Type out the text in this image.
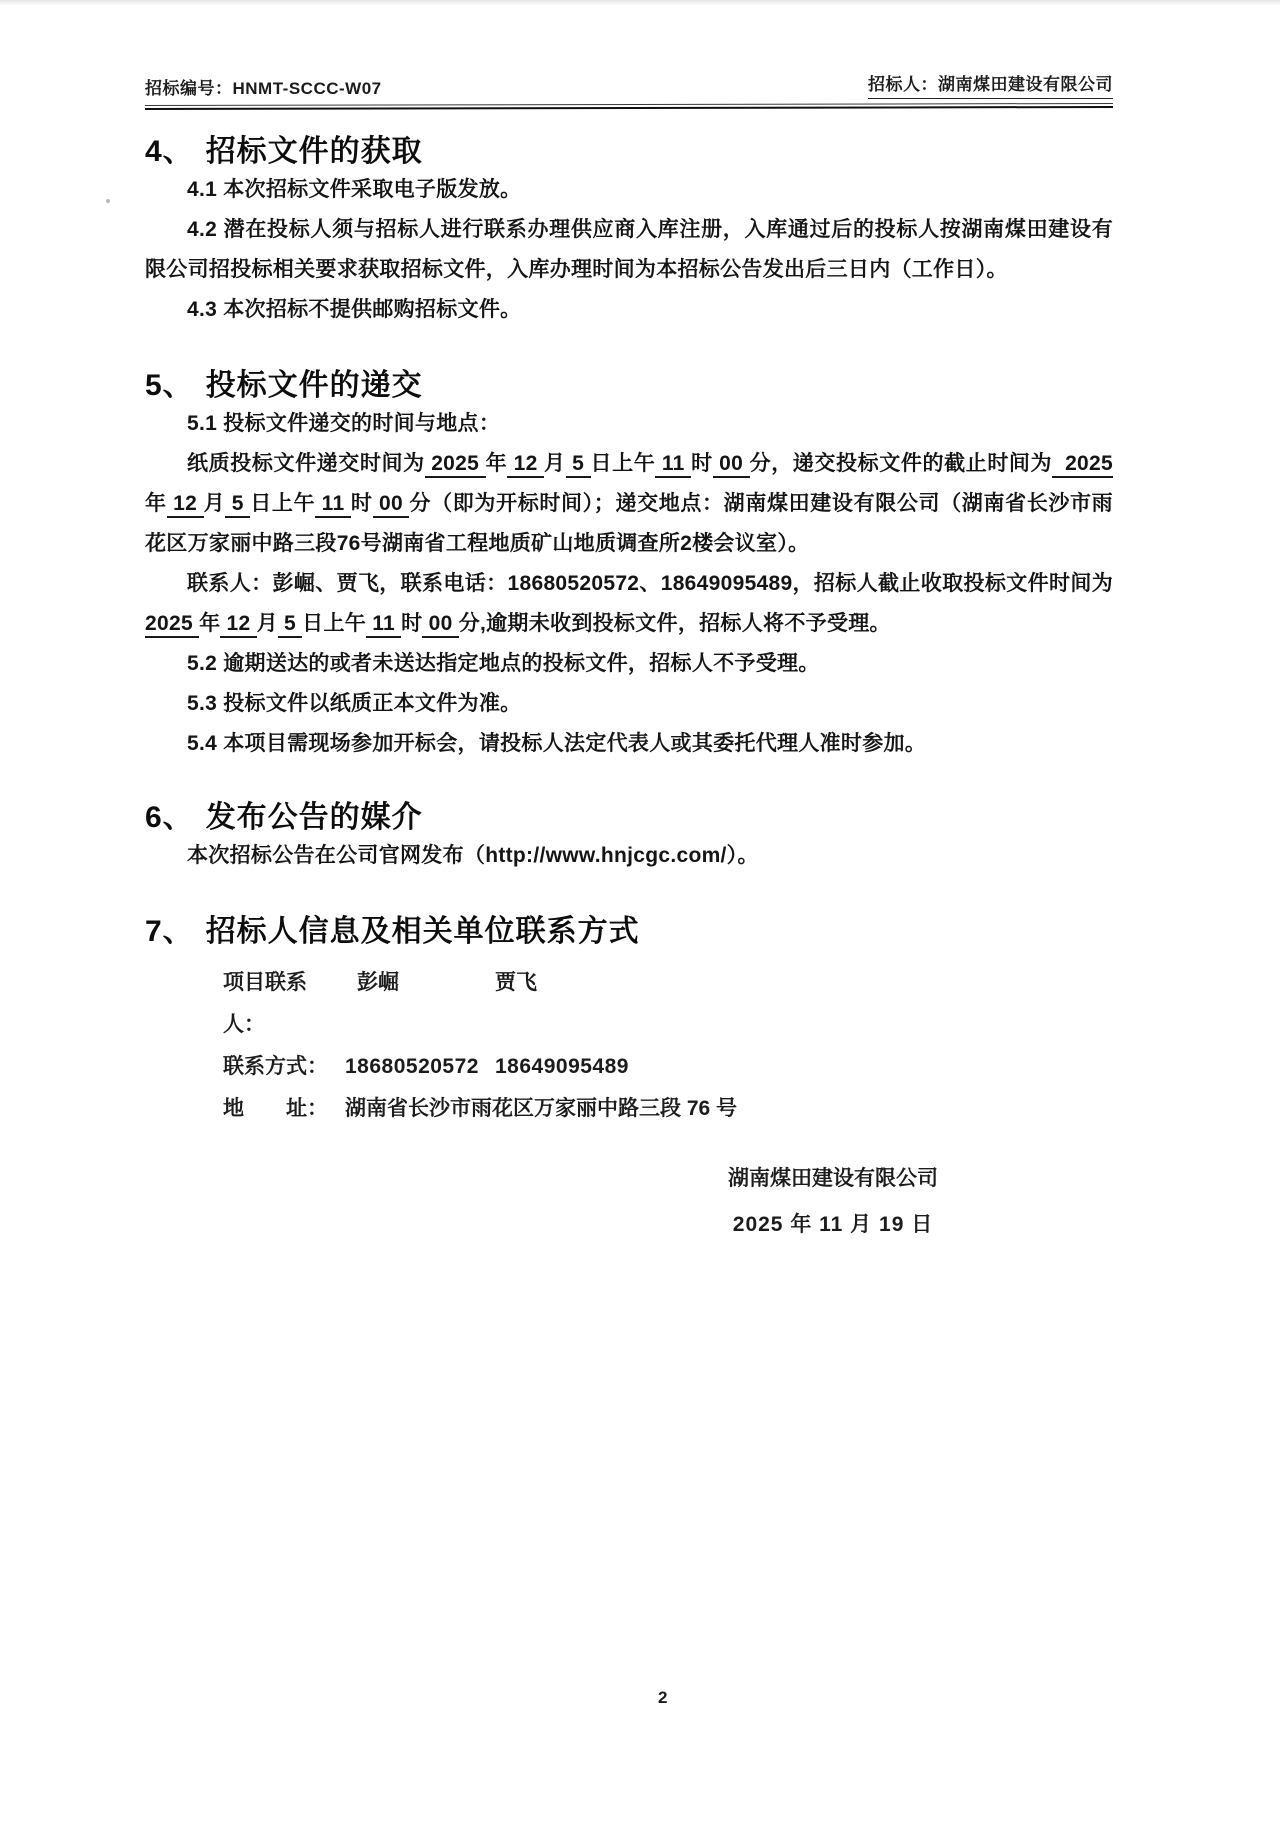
招标编号：HNMT-SCCC-W07	招标人：湖南煤田建设有限公司
4、 招标文件的获取

4.1 本次招标文件采取电子版发放。

4.2 潜在投标人须与招标人进行联系办理供应商入库注册，入库通过后的投标人按湖南煤田建设有限公司招投标相关要求获取招标文件，入库办理时间为本招标公告发出后三日内（工作日）。

4.3 本次招标不提供邮购招标文件。

5、 投标文件的递交

5.1 投标文件递交的时间与地点：

纸质投标文件递交时间为 2025 年 12 月 5 日上午 11 时 00 分，递交投标文件的截止时间为 2025年 12 月 5 日上午 11 时 00 分（即为开标时间）；递交地点：湖南煤田建设有限公司（湖南省长沙市雨花区万家丽中路三段76号湖南省工程地质矿山地质调查所2楼会议室）。

联系人：彭崛、贾飞，联系电话：18680520572、18649095489，招标人截止收取投标文件时间为2025 年 12 月 5 日上午 11 时 00 分,逾期未收到投标文件，招标人将不予受理。

5.2 逾期送达的或者未送达指定地点的投标文件，招标人不予受理。

5.3 投标文件以纸质正本文件为准。

5.4 本项目需现场参加开标会，请投标人法定代表人或其委托代理人准时参加。

6、 发布公告的媒介

本次招标公告在公司官网发布（http://www.hnjcgc.com/）。

7、 招标人信息及相关单位联系方式
项目联系人：
彭崛	贾飞
联系方式： 18680520572 18649095489
地　　址： 湖南省长沙市雨花区万家丽中路三段 76 号
湖南煤田建设有限公司
2025 年 11 月 19 日
2
